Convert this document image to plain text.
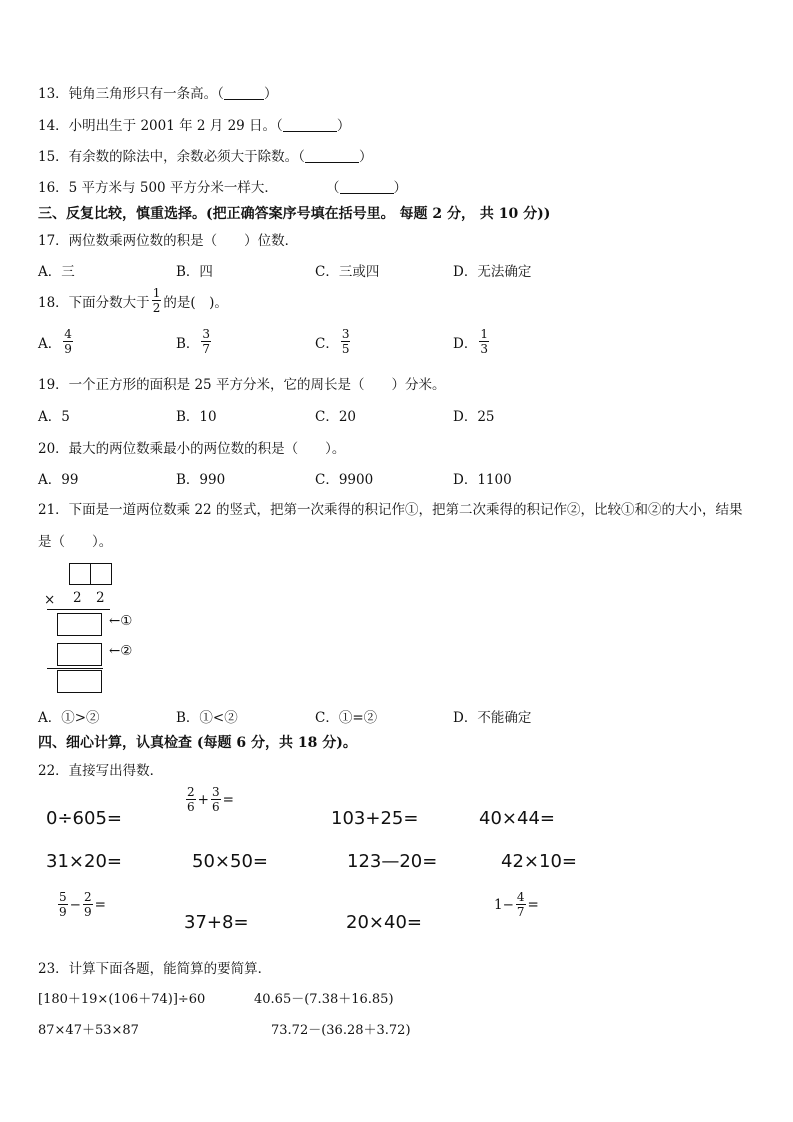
13．钝角三角形只有一条高。（	）
14．小明出生于 2001 年 2 月 29 日。（	）
15．有余数的除法中，余数必须大于除数。（	）
16．5 平方米与 500 平方分米一样大．	（	）
三、反复比较，慎重选择。(把正确答案序号填在括号里。 每题 2 分， 共 10 分))
17．两位数乘两位数的积是（　　）位数．
A．三	B．四	C．三或四	D．无法确定
18．下面分数大于 $\frac{1}{2}$ 的是(　)。
A． $\frac{4}{9}$	B． $\frac{3}{7}$	C． $\frac{3}{5}$	D． $\frac{1}{3}$
19．一个正方形的面积是 25 平方分米，它的周长是（　　）分米。
A．5	B．10	C．20	D．25
20．最大的两位数乘最小的两位数的积是（　　）。
A．99	B．990	C．9900	D．1100
21．下面是一道两位数乘 22 的竖式，把第一次乘得的积记作①，把第二次乘得的积记作②，比较①和②的大小，结果
是（　　）。
× 2 2
←①
←②
A．①>②	B．①<②	C．①=②	D．不能确定
四、细心计算，认真检查 (每题 6 分，共 18 分)。
22．直接写出得数．
0÷605=
$\frac{2}{6} + \frac{3}{6}$ =
103+25=	40×44=
31×20=	50×50=	123—20=	42×10=
$\frac{5}{9} - \frac{2}{9}$ =
37+8=	20×40=
$1- \frac{4}{7}$ =
23．计算下面各题，能简算的要简算．
[180＋19×(106＋74)]÷60	40.65－(7.38＋16.85)
87×47＋53×87	73.72－(36.28＋3.72)
